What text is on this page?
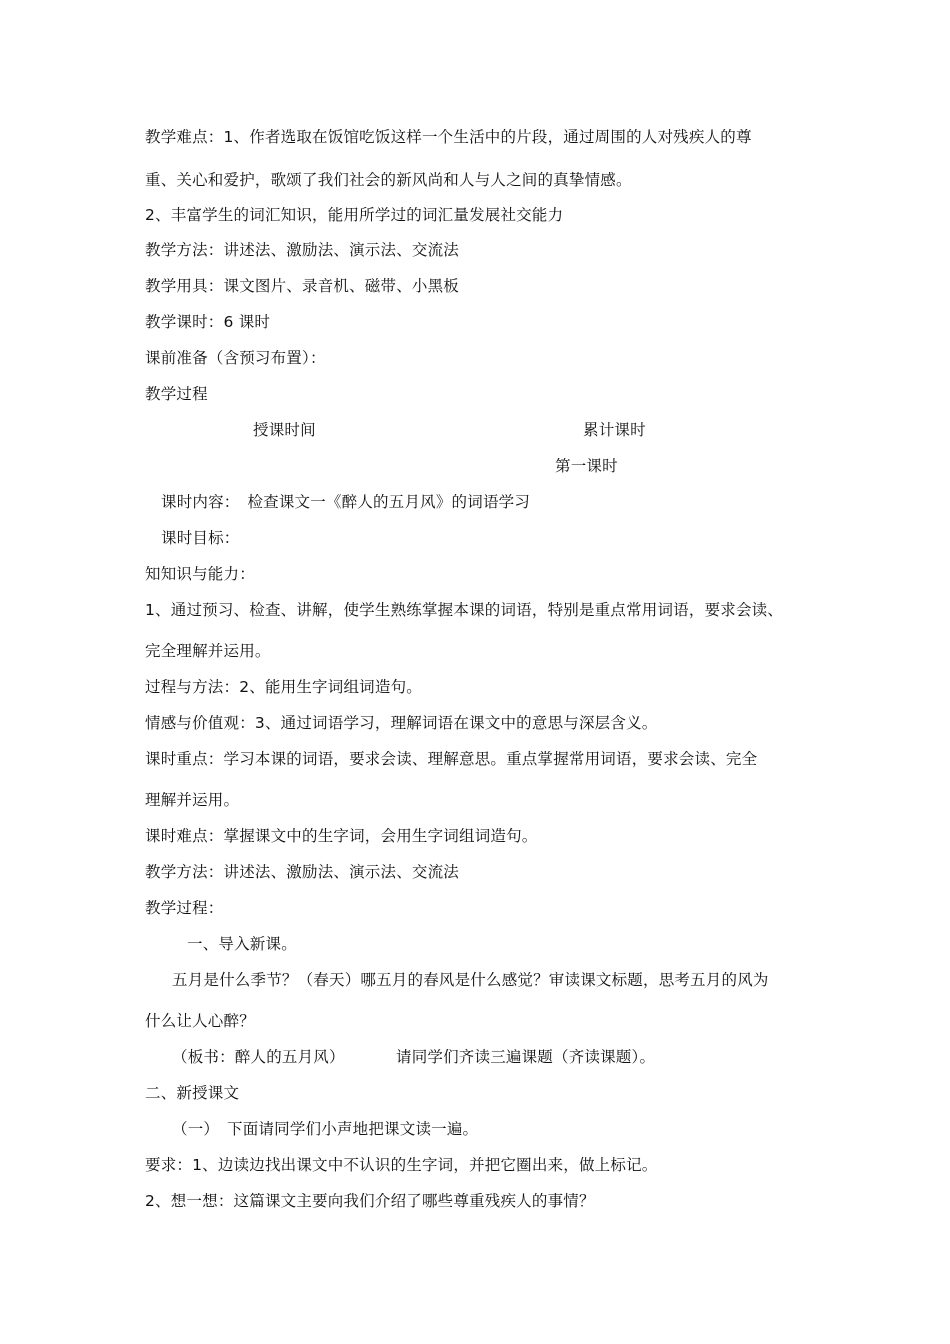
教学难点：1、作者选取在饭馆吃饭这样一个生活中的片段，通过周围的人对残疾人的尊
重、关心和爱护，歌颂了我们社会的新风尚和人与人之间的真挚情感。
2、丰富学生的词汇知识，能用所学过的词汇量发展社交能力
教学方法：讲述法、激励法、演示法、交流法
教学用具：课文图片、录音机、磁带、小黑板
教学课时：6 课时
课前准备（含预习布置）：
教学过程
授课时间	累计课时
第一课时
课时内容：　检查课文一《醉人的五月风》的词语学习
课时目标：
知知识与能力：
1、通过预习、检查、讲解，使学生熟练掌握本课的词语，特别是重点常用词语，要求会读、
完全理解并运用。
过程与方法：2、能用生字词组词造句。
情感与价值观：3、通过词语学习，理解词语在课文中的意思与深层含义。
课时重点：学习本课的词语，要求会读、理解意思。重点掌握常用词语，要求会读、完全
理解并运用。
课时难点：掌握课文中的生字词，会用生字词组词造句。
教学方法：讲述法、激励法、演示法、交流法
教学过程：
一、导入新课。
五月是什么季节？（春天）哪五月的春风是什么感觉？审读课文标题，思考五月的风为
什么让人心醉？
（板书：醉人的五月风）	请同学们齐读三遍课题（齐读课题）。
二、新授课文
（一）　下面请同学们小声地把课文读一遍。
要求：1、边读边找出课文中不认识的生字词，并把它圈出来，做上标记。
2、想一想：这篇课文主要向我们介绍了哪些尊重残疾人的事情？
